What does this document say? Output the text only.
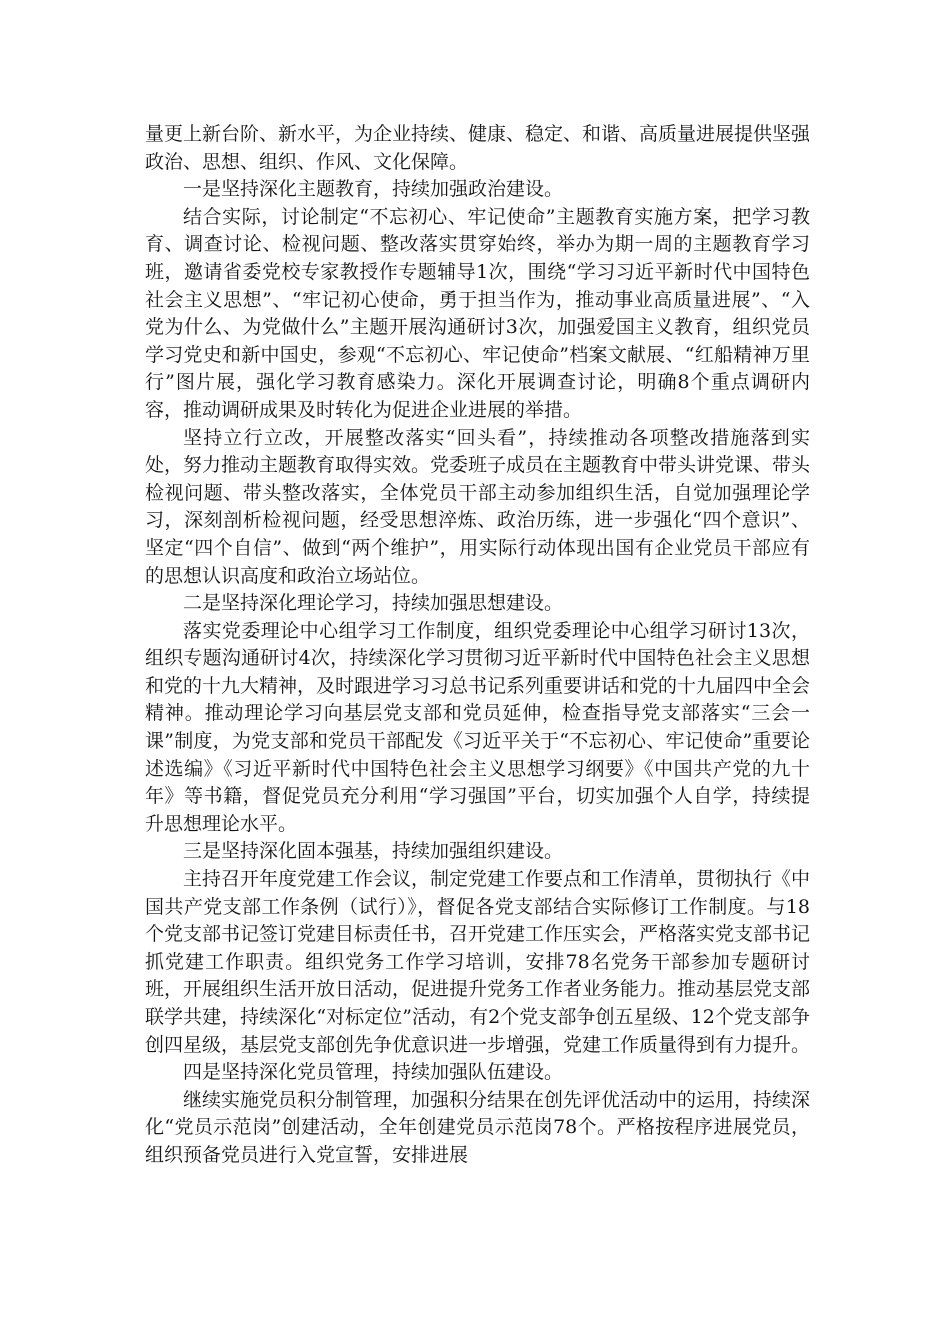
量更上新台阶、新水平，为企业持续、健康、稳定、和谐、高质量进展提供坚强政治、思想、组织、作风、文化保障。

一是坚持深化主题教育，持续加强政治建设。

结合实际，讨论制定“不忘初心、牢记使命”主题教育实施方案，把学习教育、调查讨论、检视问题、整改落实贯穿始终，举办为期一周的主题教育学习班，邀请省委党校专家教授作专题辅导1次，围绕“学习习近平新时代中国特色社会主义思想”、“牢记初心使命，勇于担当作为，推动事业高质量进展”、“入党为什么、为党做什么”主题开展沟通研讨3次，加强爱国主义教育，组织党员学习党史和新中国史，参观“不忘初心、牢记使命”档案文献展、“红船精神万里行”图片展，强化学习教育感染力。深化开展调查讨论，明确8个重点调研内容，推动调研成果及时转化为促进企业进展的举措。

坚持立行立改，开展整改落实“回头看”，持续推动各项整改措施落到实处，努力推动主题教育取得实效。党委班子成员在主题教育中带头讲党课、带头检视问题、带头整改落实，全体党员干部主动参加组织生活，自觉加强理论学习，深刻剖析检视问题，经受思想淬炼、政治历练，进一步强化“四个意识”、坚定“四个自信”、做到“两个维护”，用实际行动体现出国有企业党员干部应有的思想认识高度和政治立场站位。

二是坚持深化理论学习，持续加强思想建设。

落实党委理论中心组学习工作制度，组织党委理论中心组学习研讨13次，组织专题沟通研讨4次，持续深化学习贯彻习近平新时代中国特色社会主义思想和党的十九大精神，及时跟进学习习总书记系列重要讲话和党的十九届四中全会精神。推动理论学习向基层党支部和党员延伸，检查指导党支部落实“三会一课”制度，为党支部和党员干部配发《习近平关于“不忘初心、牢记使命”重要论述选编》《习近平新时代中国特色社会主义思想学习纲要》《中国共产党的九十年》等书籍，督促党员充分利用“学习强国”平台，切实加强个人自学，持续提升思想理论水平。

三是坚持深化固本强基，持续加强组织建设。

主持召开年度党建工作会议，制定党建工作要点和工作清单，贯彻执行《中国共产党支部工作条例（试行）》，督促各党支部结合实际修订工作制度。与18个党支部书记签订党建目标责任书，召开党建工作压实会，严格落实党支部书记抓党建工作职责。组织党务工作学习培训，安排78名党务干部参加专题研讨班，开展组织生活开放日活动，促进提升党务工作者业务能力。推动基层党支部联学共建，持续深化“对标定位”活动，有2个党支部争创五星级、12个党支部争创四星级，基层党支部创先争优意识进一步增强，党建工作质量得到有力提升。

四是坚持深化党员管理，持续加强队伍建设。

继续实施党员积分制管理，加强积分结果在创先评优活动中的运用，持续深化“党员示范岗”创建活动，全年创建党员示范岗78个。严格按程序进展党员，组织预备党员进行入党宣誓，安排进展
